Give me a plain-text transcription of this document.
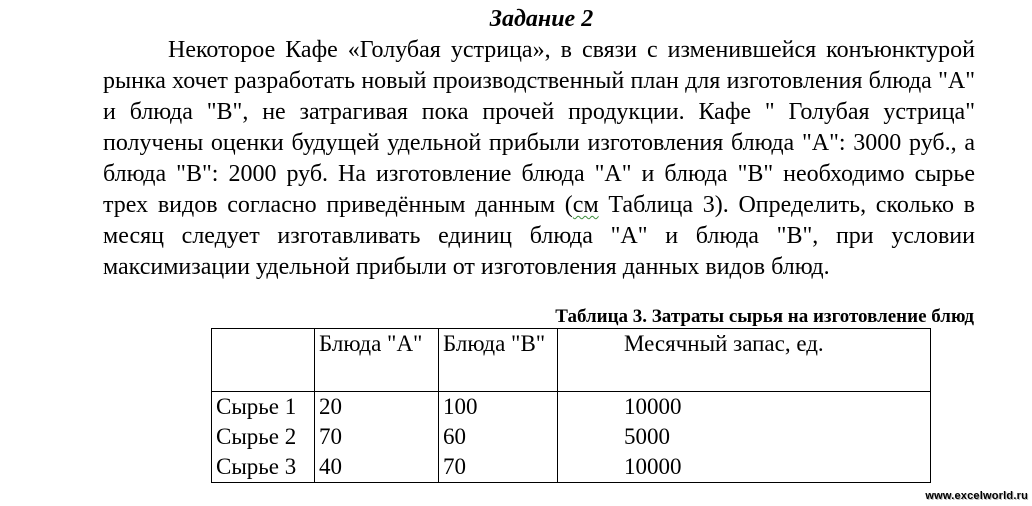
Задание 2

Некоторое Кафе «Голубая устрица», в связи с изменившейся конъюнктурой рынка хочет разработать новый производственный план для изготовления блюда "А" и блюда "В", не затрагивая пока прочей продукции. Кафе " Голубая устрица" получены оценки будущей удельной прибыли изготовления блюда "А": 3000 руб., а блюда "В": 2000 руб. На изготовление блюда "А" и блюда "В" необходимо сырье трех видов согласно приведённым данным (см Таблица 3). Определить, сколько в месяц следует изготавливать единиц блюда "А" и блюда "В", при условии максимизации удельной прибыли от изготовления данных видов блюд.

Таблица 3. Затраты сырья на изготовление блюд

	Блюда "А"	Блюда "В"	Месячный запас, ед.
Сырье 1	20	100	10000
Сырье 2	70	60	5000
Сырье 3	40	70	10000
www.excelworld.ru
